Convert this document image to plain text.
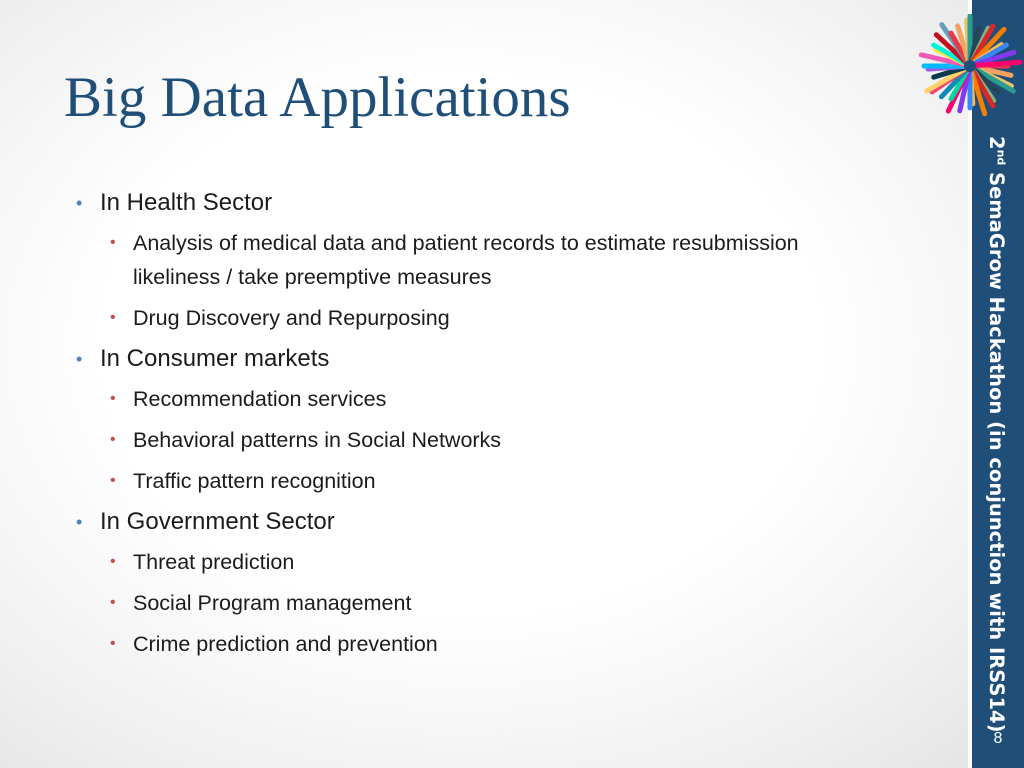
Big Data Applications
• In Health Sector
• Analysis of medical data and patient records to estimate resubmission likeliness / take preemptive measures
• Drug Discovery and Repurposing
• In Consumer markets
• Recommendation services
• Behavioral patterns in Social Networks
• Traffic pattern recognition
• In Government Sector
• Threat prediction
• Social Program management
• Crime prediction and prevention
2nd SemaGrow Hackathon (in conjunction with IRSS14)
8
